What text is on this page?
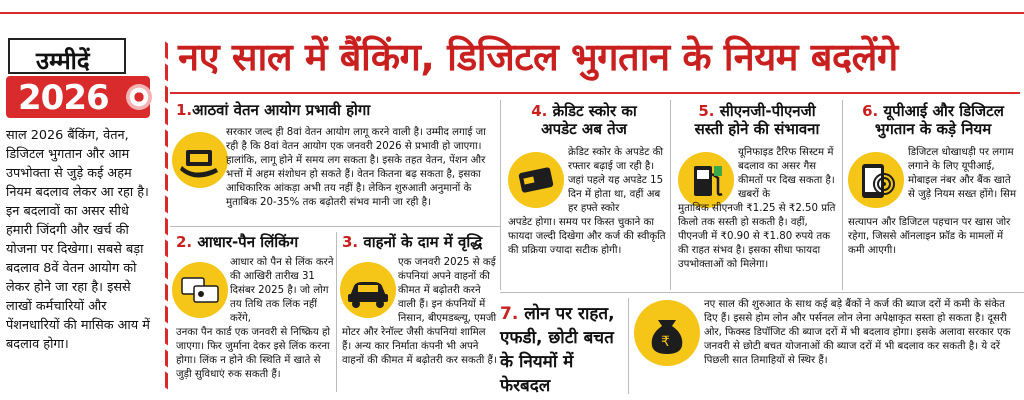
उम्मीदें
2026
साल 2026 बैंकिंग, वेतन, डिजिटल भुगतान और आम उपभोक्ता से जुड़े कई अहम नियम बदलाव लेकर आ रहा है। इन बदलावों का असर सीधे हमारी जिंदगी और खर्च की योजना पर दिखेगा। सबसे बड़ा बदलाव 8वें वेतन आयोग को लेकर होने जा रहा है। इससे लाखों कर्मचारियों और पेंशनधारियों की मासिक आय में बदलाव होगा।
नए साल में बैंकिंग, डिजिटल भुगतान के नियम बदलेंगे
1.आठवां वेतन आयोग प्रभावी होगा
सरकार जल्द ही 8वां वेतन आयोग लागू करने वाली है। उम्मीद लगाई जा रही है कि 8वां वेतन आयोग एक जनवरी 2026 से प्रभावी हो जाएगा। हालांकि, लागू होने में समय लग सकता है। इसके तहत वेतन, पेंशन और भत्तों में अहम संशोधन हो सकते हैं। वेतन कितना बढ़ सकता है, इसका आधिकारिक आंकड़ा अभी तय नहीं है। लेकिन शुरुआती अनुमानों के मुताबिक 20-35% तक बढ़ोतरी संभव मानी जा रही है।
2. आधार-पैन लिंकिंग
आधार को पैन से लिंक करने की आखिरी तारीख 31 दिसंबर 2025 है। जो लोग तय तिथि तक लिंक नहीं करेंगे,
उनका पैन कार्ड एक जनवरी से निष्क्रिय हो जाएगा। फिर जुर्माना देकर इसे लिंक करना होगा। लिंक न होने की स्थिति में खाते से जुड़ी सुविधाएं रुक सकती हैं।
3. वाहनों के दाम में वृद्धि
एक जनवरी 2025 से कई कंपनियां अपने वाहनों की कीमत में बढ़ोतरी करने वाली हैं। इन कंपनियों में निसान, बीएमडब्ल्यू, एमजी
मोटर और रेनॉल्ट जैसी कंपनियां शामिल हैं। अन्य कार निर्माता कंपनी भी अपने वाहनों की कीमत में बढ़ोतरी कर सकती हैं।
4. क्रेडिट स्कोर का
अपडेट अब तेज
क्रेडिट स्कोर के अपडेट की रफ्तार बढ़ाई जा रही है। जहां पहले यह अपडेट 15 दिन में होता था, वहीं अब हर हफ्ते स्कोर
अपडेट होगा। समय पर किस्त चुकाने का फायदा जल्दी दिखेगा और कर्ज की स्वीकृति की प्रक्रिया ज्यादा सटीक होगी।
5. सीएनजी-पीएनजी
सस्ती होने की संभावना
यूनिफाइड टैरिफ सिस्टम में बदलाव का असर गैस कीमतों पर दिख सकता है। खबरों के
मुताबिक सीएनजी ₹1.25 से ₹2.50 प्रति किलो तक सस्ती हो सकती है। वहीं, पीएनजी में ₹0.90 से ₹1.80 रुपये तक की राहत संभव है। इसका सीधा फायदा उपभोक्ताओं को मिलेगा।
6. यूपीआई और डिजिटल
भुगतान के कड़े नियम
डिजिटल धोखाधड़ी पर लगाम लगाने के लिए यूपीआई, मोबाइल नंबर और बैंक खाते से जुड़े नियम सख्त होंगे। सिम
सत्यापन और डिजिटल पहचान पर खास जोर रहेगा, जिससे ऑनलाइन फ्रॉड के मामलों में कमी आएगी।
7. लोन पर राहत,
एफडी, छोटी बचत
के नियमों में
फेरबदल
₹
नए साल की शुरुआत के साथ कई बड़े बैंकों ने कर्ज की ब्याज दरों में कमी के संकेत दिए हैं। इससे होम लोन और पर्सनल लोन लेना अपेक्षाकृत सस्ता हो सकता है। दूसरी ओर, फिक्स्ड डिपॉजिट की ब्याज दरों में भी बदलाव होगा। इसके अलावा सरकार एक जनवरी से छोटी बचत योजनाओं की ब्याज दरों में भी बदलाव कर सकती है। ये दरें पिछली सात तिमाहियों से स्थिर हैं।
